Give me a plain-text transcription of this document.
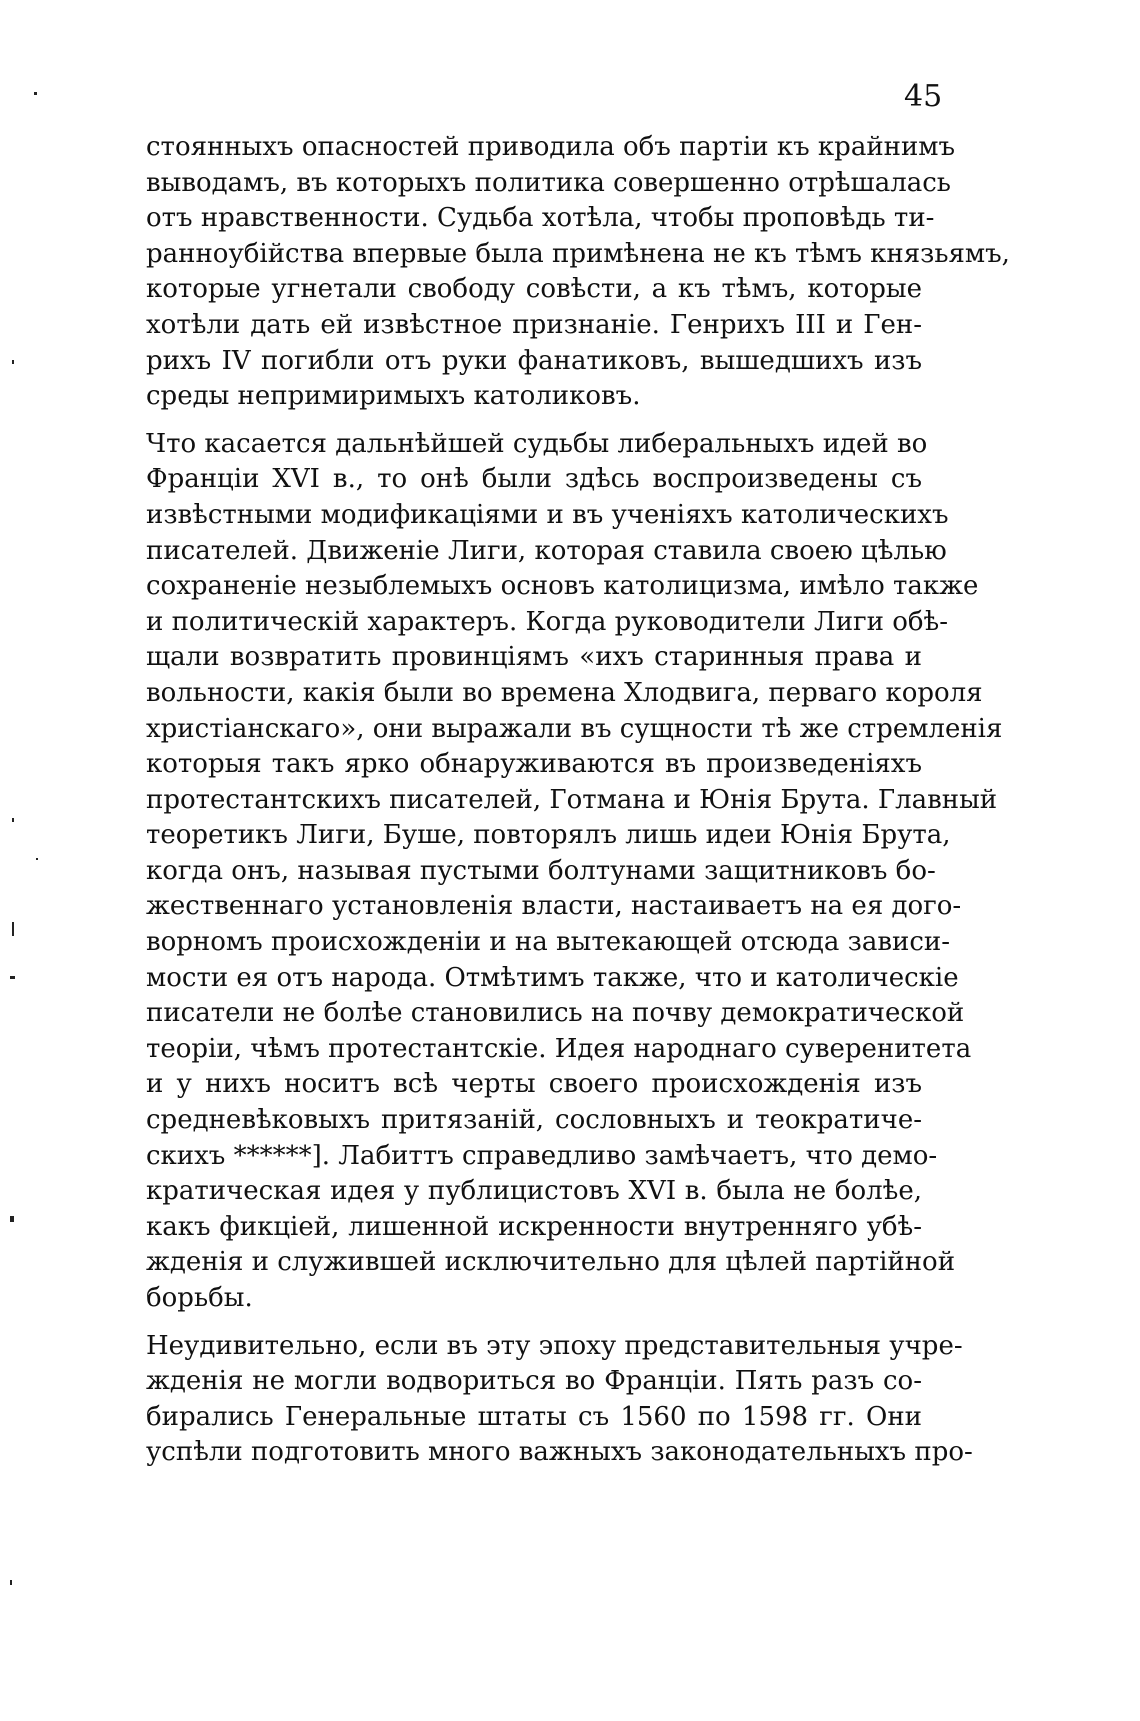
45
стоянныхъ опасностей приводила объ партіи къ крайнимъ
выводамъ, въ которыхъ политика совершенно отрѣшалась
отъ нравственности. Судьба хотѣла, чтобы проповѣдь ти-
ранноубійства впервые была примѣнена не къ тѣмъ князьямъ,
которые угнетали свободу совѣсти, а къ тѣмъ, которые
хотѣли дать ей извѣстное признаніе. Генрихъ III и Ген-
рихъ IV погибли отъ руки фанатиковъ, вышедшихъ изъ
среды непримиримыхъ католиковъ.
Что касается дальнѣйшей судьбы либеральныхъ идей во
Франціи XVI в., то онѣ были здѣсь воспроизведены съ
извѣстными модификаціями и въ ученіяхъ католическихъ
писателей. Движеніе Лиги, которая ставила своею цѣлью
сохраненіе незыблемыхъ основъ католицизма, имѣло также
и политическій характеръ. Когда руководители Лиги обѣ-
щали возвратить провинціямъ «ихъ старинныя права и
вольности, какія были во времена Хлодвига, перваго короля
христіанскаго», они выражали въ сущности тѣ же стремленія
которыя такъ ярко обнаруживаются въ произведеніяхъ
протестантскихъ писателей, Готмана и Юнія Брута. Главный
теоретикъ Лиги, Буше, повторялъ лишь идеи Юнія Брута,
когда онъ, называя пустыми болтунами защитниковъ бо-
жественнаго установленія власти, настаиваетъ на ея дого-
ворномъ происхожденіи и на вытекающей отсюда зависи-
мости ея отъ народа. Отмѣтимъ также, что и католическіе
писатели не болѣе становились на почву демократической
теоріи, чѣмъ протестантскіе. Идея народнаго суверенитета
и у нихъ носитъ всѣ черты своего происхожденія изъ
средневѣковыхъ притязаній, сословныхъ и теократиче-
скихъ ******]. Лабиттъ справедливо замѣчаетъ, что демо-
кратическая идея у публицистовъ XVI в. была не болѣе,
какъ фикціей, лишенной искренности внутренняго убѣ-
жденія и служившей исключительно для цѣлей партійной
борьбы.
Неудивительно, если въ эту эпоху представительныя учре-
жденія не могли водвориться во Франціи. Пять разъ со-
бирались Генеральные штаты съ 1560 по 1598 гг. Они
успѣли подготовить много важныхъ законодательныхъ про-
